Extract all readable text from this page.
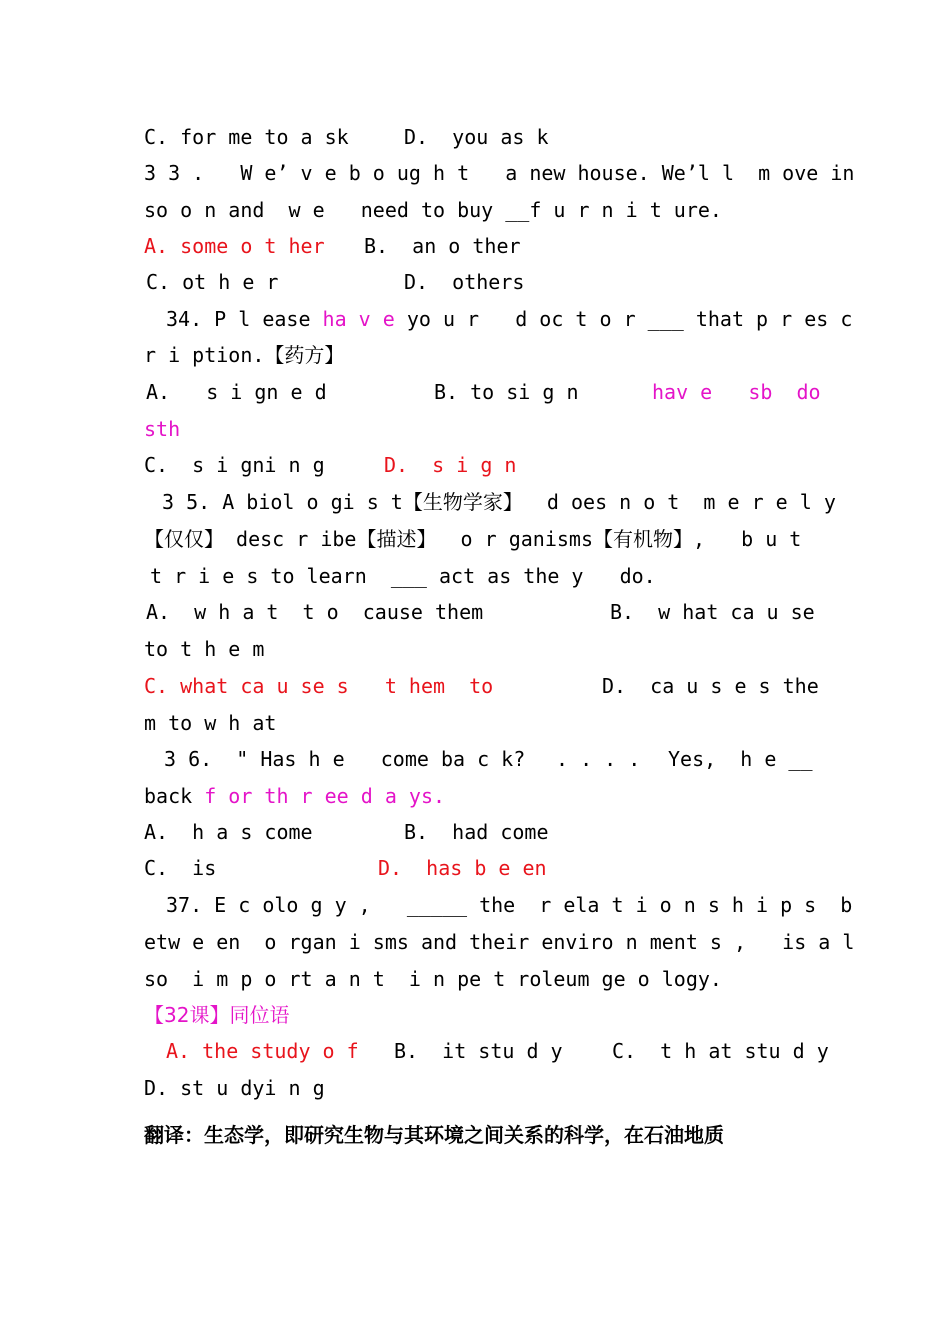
C. for me to a sk	D.  you as k
3 3 .   W e’ v e b o ug h t   a new house. We’l l  m ove in
so o n and  w e   need to buy __f u r n i t ure.
A. some o t her B.  an o ther
C. ot h e r	D.  others
34. P l ease ha v e yo u r   d oc t o r ___ that p r es c
r i ption.【药方】
A.   s i gn e d	B. to si g n	hav e   sb  do
sth
C.  s i gni n g	D.  s i g n
3 5. A biol o gi s t【生物学家】  d oes n o t  m e r e l y
【仅仅】 desc r ibe【描述】  o r ganisms【有机物】,   b u t
t r i e s to learn  ___ act as the y   do.
A.  w h a t  t o  cause them	B.  w hat ca u se
to t h e m
C. what ca u se s   t hem  to	D.  ca u s e s the
m to w h at
3 6.  " Has h e   come ba c k? . . . . Yes,  h e __
back f or th r ee d a ys.
A.  h a s come	B.  had come
C.  is	D.  has b e en
37. E c olo g y ,   _____ the  r ela t i o n s h i p s  b
etw e en  o rgan i sms and their enviro n ment s ,   is a l
so  i m p o rt a n t  i n pe t roleum ge o logy.
【32课】同位语
A. the study o f B.  it stu d y C.  t h at stu d y
D. st u dyi n g
翻译：生态学，即研究生物与其环境之间关系的科学，在石油地质
